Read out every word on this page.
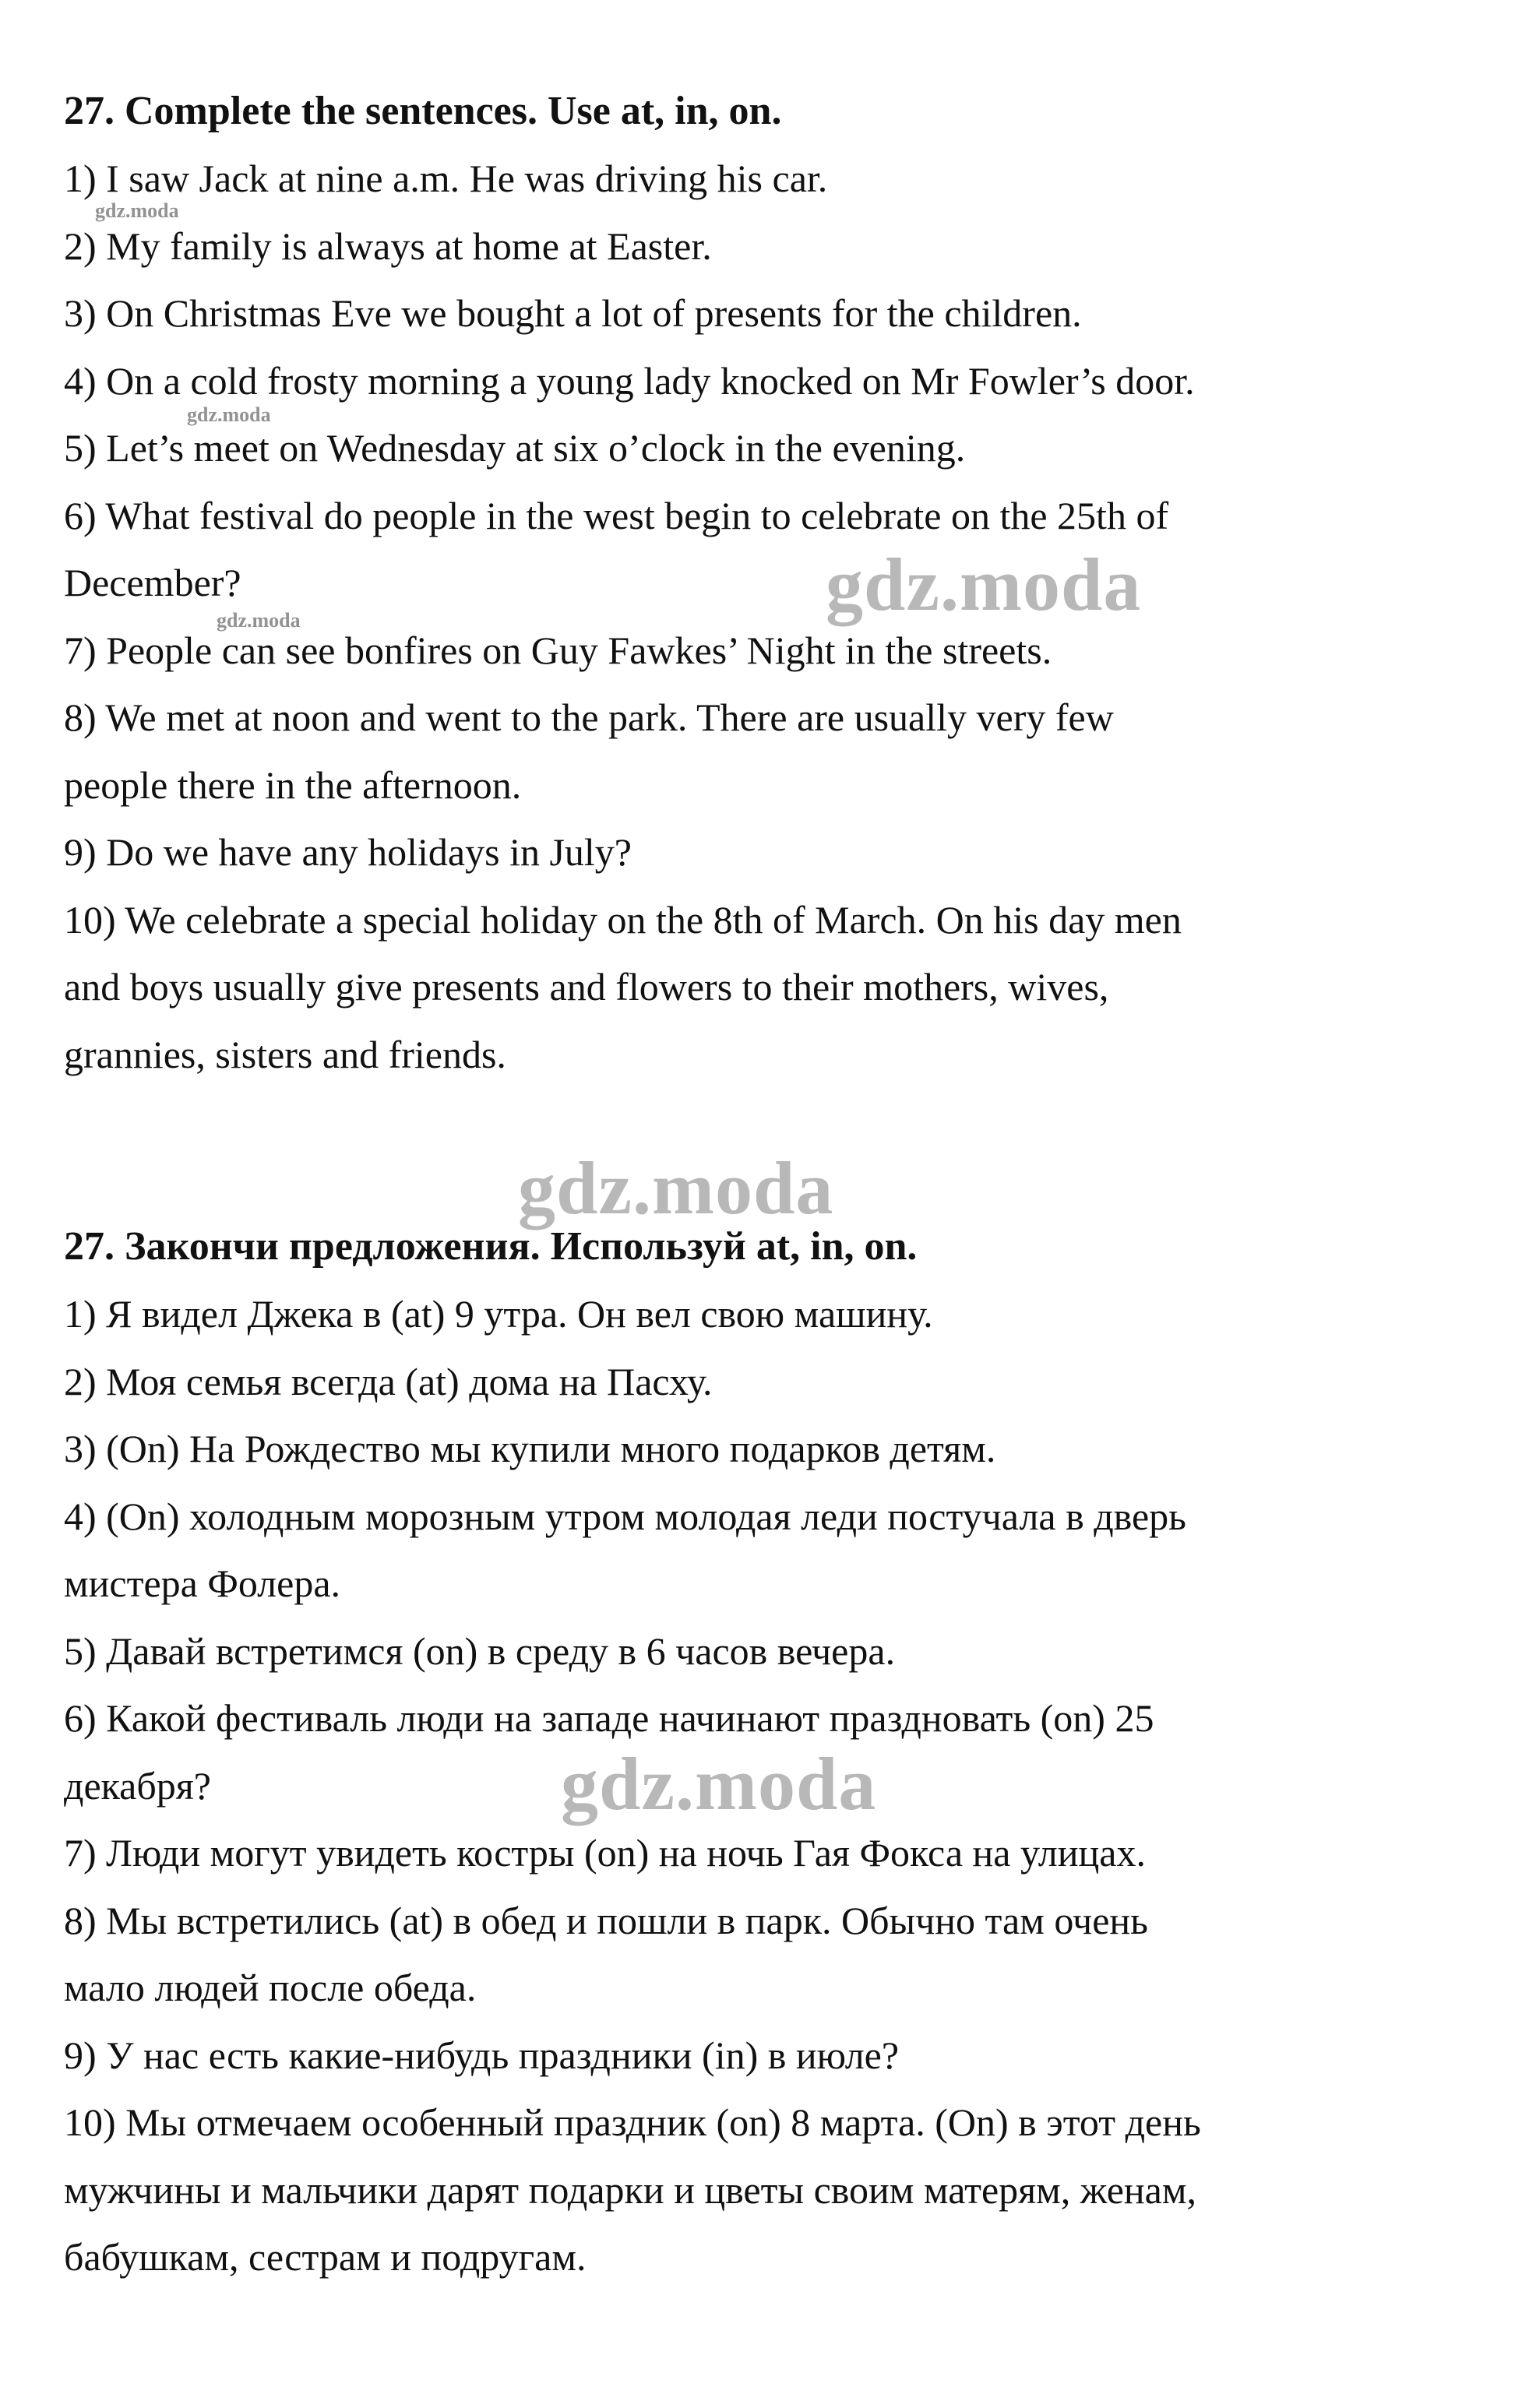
gdz.moda
gdz.moda
gdz.moda	gdz.moda
gdz.moda
gdz.moda

27. Complete the sentences. Use at, in, on.

1) I saw Jack at nine a.m. He was driving his car.

2) My family is always at home at Easter.

3) On Christmas Eve we bought a lot of presents for the children.

4) On a cold frosty morning a young lady knocked on Mr Fowler’s door.

5) Let’s meet on Wednesday at six o’clock in the evening.

6) What festival do people in the west begin to celebrate on the 25th of

December?

7) People can see bonfires on Guy Fawkes’ Night in the streets.

8) We met at noon and went to the park. There are usually very few

people there in the afternoon.

9) Do we have any holidays in July?

10) We celebrate a special holiday on the 8th of March. On his day men

and boys usually give presents and flowers to their mothers, wives,

grannies, sisters and friends.

27. Закончи предложения. Используй at, in, on.

1) Я видел Джека в (at) 9 утра. Он вел свою машину.

2) Моя семья всегда (at) дома на Пасху.

3) (On) На Рождество мы купили много подарков детям.

4) (On) холодным морозным утром молодая леди постучала в дверь

мистера Фолера.

5) Давай встретимся (on) в среду в 6 часов вечера.

6) Какой фестиваль люди на западе начинают праздновать (on) 25

декабря?

7) Люди могут увидеть костры (on) на ночь Гая Фокса на улицах.

8) Мы встретились (at) в обед и пошли в парк. Обычно там очень

мало людей после обеда.

9) У нас есть какие-нибудь праздники (in) в июле?

10) Мы отмечаем особенный праздник (on) 8 марта. (On) в этот день

мужчины и мальчики дарят подарки и цветы своим матерям, женам,

бабушкам, сестрам и подругам.
